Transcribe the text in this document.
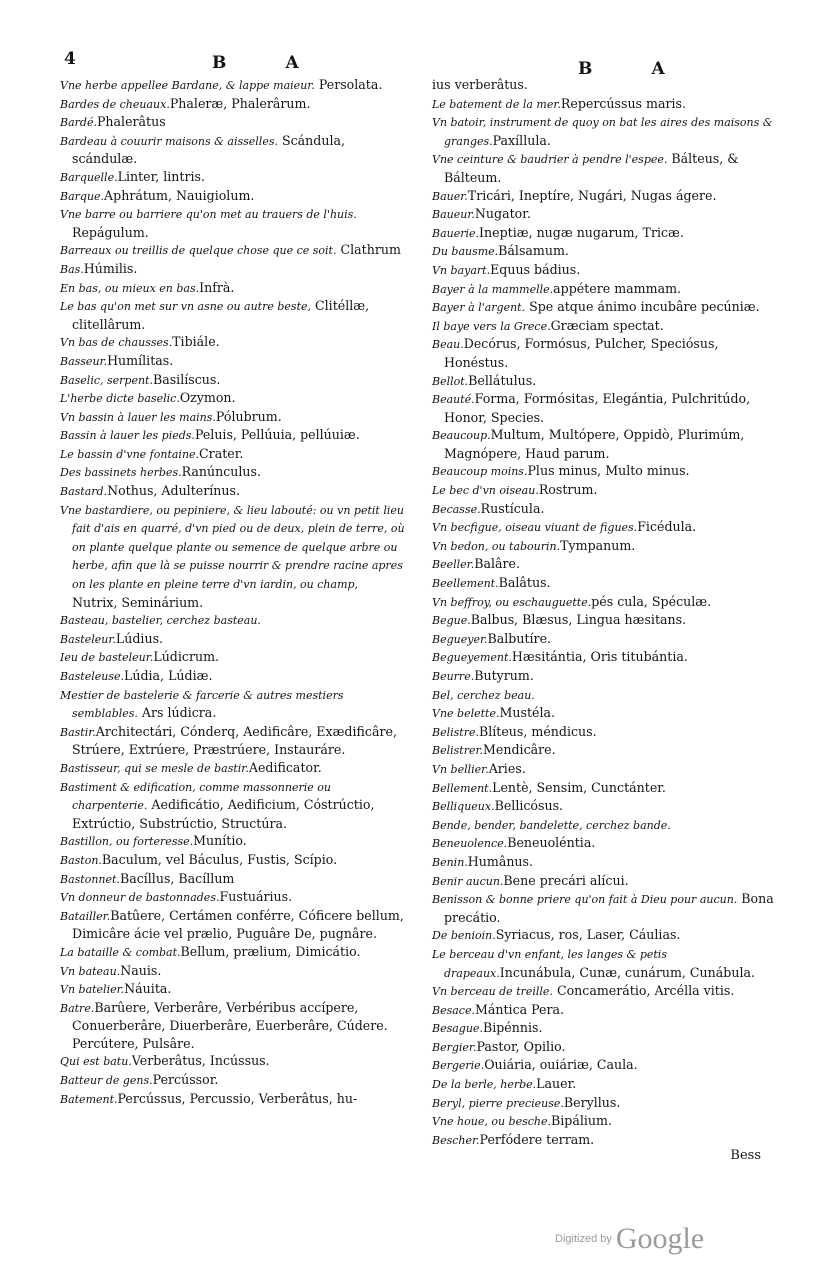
4	B          A	B          A

Vne herbe appellee Bardane, & lappe maieur. Persolata.

Bardes de cheuaux.Phaleræ, Phalerârum.

Bardé.Phalerâtus

Bardeau à couurir maisons & aisselles. Scándula, scándulæ.

Barquelle.Linter, lintris.

Barque.Aphrátum, Nauigiolum.

Vne barre ou barriere qu'on met au trauers de l'huis. Repágulum.

Barreaux ou treillis de quelque chose que ce soit. Clathrum

Bas.Húmilis.

En bas, ou mieux en bas.Infrà.

Le bas qu'on met sur vn asne ou autre beste, Clitéllæ, clitellârum.

Vn bas de chausses.Tibiále.

Basseur.Humílitas.

Baselic, serpent.Basilíscus.

L'herbe dicte baselic.Ozymon.

Vn bassin à lauer les mains.Pólubrum.

Bassin à lauer les pieds.Peluis, Pellúuia, pellúuiæ.

Le bassin d'vne fontaine.Crater.

Des bassinets herbes.Ranúnculus.

Bastard.Nothus, Adulterínus.

Vne bastardiere, ou pepiniere, & lieu labouté: ou vn petit lieu fait d'ais en quarré, d'vn pied ou de deux, plein de terre, où on plante quelque plante ou semence de quelque arbre ou herbe, afin que là se puisse nourrir & prendre racine apres on les plante en pleine terre d'vn iardin, ou champ, Nutrix, Seminárium.

Basteau, bastelier, cerchez basteau.

Basteleur.Lúdius.

Ieu de basteleur.Lúdicrum.

Basteleuse.Lúdia, Lúdiæ.

Mestier de bastelerie & farcerie & autres mestiers semblables. Ars lúdicra.

Bastir.Architectári, Cónderq, Aedificâre, Exædificâre, Strúere, Extrúere, Præstrúere, Instauráre.

Bastisseur, qui se mesle de bastir.Aedificator.

Bastiment & edification, comme massonnerie ou charpenterie. Aedificátio, Aedificium, Cóstrúctio, Extrúctio, Substrúctio, Structúra.

Bastillon, ou forteresse.Munítio.

Baston.Baculum, vel Báculus, Fustis, Scípio.

Bastonnet.Bacíllus, Bacíllum

Vn donneur de bastonnades.Fustuárius.

Batailler.Batûere, Certámen conférre, Cóficere bellum, Dimicâre ácie vel prælio, Puguâre De, pugnâre.

La bataille & combat.Bellum, prælium, Dimicátio.

Vn bateau.Nauis.

Vn batelier.Náuita.

Batre.Barûere, Verberâre, Verbéribus accípere, Conuerberâre, Diuerberâre, Euerberâre, Cúdere. Percútere, Pulsâre.

Qui est batu.Verberâtus, Incússus.

Batteur de gens.Percússor.

Batement.Percússus, Percussio, Verberâtus, hu-

ius verberâtus.

Le batement de la mer.Repercússus maris.

Vn batoir, instrument de quoy on bat les aires des maisons & granges.Paxíllula.

Vne ceinture & baudrier à pendre l'espee. Bálteus, & Bálteum.

Bauer.Tricári, Ineptíre, Nugári, Nugas ágere.

Baueur.Nugator.

Bauerie.Ineptiæ, nugæ nugarum, Tricæ.

Du bausme.Bálsamum.

Vn bayart.Equus bádius.

Bayer à la mammelle.appétere mammam.

Bayer à l'argent. Spe atque ánimo incubâre pecúniæ.

Il baye vers la Grece.Græciam spectat.

Beau.Decórus, Formósus, Pulcher, Speciósus, Honéstus.

Bellot.Bellátulus.

Beauté.Forma, Formósitas, Elegántia, Pulchritúdo, Honor, Species.

Beaucoup.Multum, Multópere, Oppidò, Plurimúm, Magnópere, Haud parum.

Beaucoup moins.Plus minus, Multo minus.

Le bec d'vn oiseau.Rostrum.

Becasse.Rustícula.

Vn becfigue, oiseau viuant de figues.Ficédula.

Vn bedon, ou tabourin.Tympanum.

Beeller.Balâre.

Beellement.Balâtus.

Vn beffroy, ou eschauguette.pés cula, Spéculæ.

Begue.Balbus, Blæsus, Lingua hæsitans.

Begueyer.Balbutíre.

Begueyement.Hæsitántia, Oris titubántia.

Beurre.Butyrum.

Bel, cerchez beau.

Vne belette.Mustéla.

Belistre.Blíteus, méndicus.

Belistrer.Mendicâre.

Vn bellier.Aries.

Bellement.Lentè, Sensim, Cunctánter.

Belliqueux.Bellicósus.

Bende, bender, bandelette, cerchez bande.

Beneuolence.Beneuoléntia.

Benin.Humânus.

Benir aucun.Bene precári alícui.

Benisson & bonne priere qu'on fait à Dieu pour aucun. Bona precátio.

De benioin.Syriacus, ros, Laser, Cáulias.

Le berceau d'vn enfant, les langes & petis drapeaux.Incunábula, Cunæ, cunárum, Cunábula.

Vn berceau de treille. Concamerátio, Arcélla vitis.

Besace.Mántica Pera.

Besague.Bipénnis.

Bergier.Pastor, Opilio.

Bergerie.Ouiária, ouiáriæ, Caula.

De la berle, herbe.Lauer.

Beryl, pierre precieuse.Beryllus.

Vne houe, ou besche.Bipálium.

Bescher.Perfódere terram.

Bess
Digitized by Google
